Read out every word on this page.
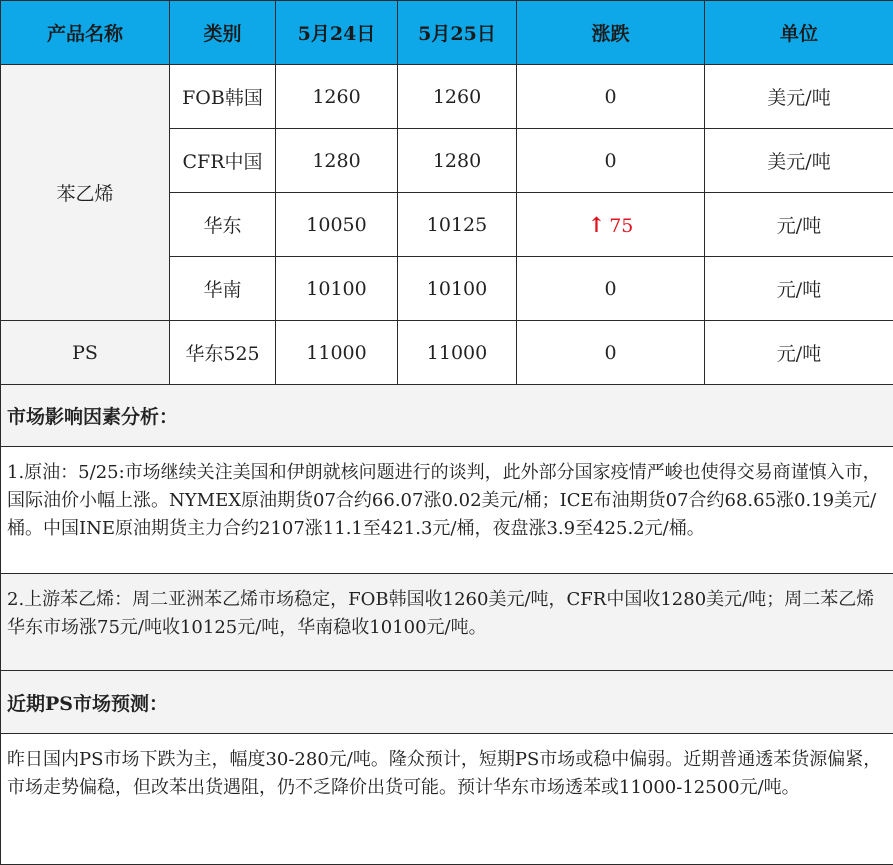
产品名称	类别	5月24日	5月25日	涨跌	单位
苯乙烯	FOB韩国	1260	1260	0	美元/吨
	CFR中国	1280	1280	0	美元/吨
	华东	10050	10125	↑ 75	元/吨
	华南	10100	10100	0	元/吨
PS	华东525	11000	11000	0	元/吨
市场影响因素分析：					
1.原油：5/25:市场继续关注美国和伊朗就核问题进行的谈判，此外部分国家疫情严峻也使得交易商谨慎入市，国际油价小幅上涨。NYMEX原油期货07合约66.07涨0.02美元/桶；ICE布油期货07合约68.65涨0.19美元/桶。中国INE原油期货主力合约2107涨11.1至421.3元/桶，夜盘涨3.9至425.2元/桶。					
2.上游苯乙烯：周二亚洲苯乙烯市场稳定，FOB韩国收1260美元/吨，CFR中国收1280美元/吨；周二苯乙烯华东市场涨75元/吨收10125元/吨，华南稳收10100元/吨。					
近期PS市场预测：					
昨日国内PS市场下跌为主，幅度30-280元/吨。隆众预计，短期PS市场或稳中偏弱。近期普通透苯货源偏紧，市场走势偏稳，但改苯出货遇阻，仍不乏降价出货可能。预计华东市场透苯或11000-12500元/吨。					
